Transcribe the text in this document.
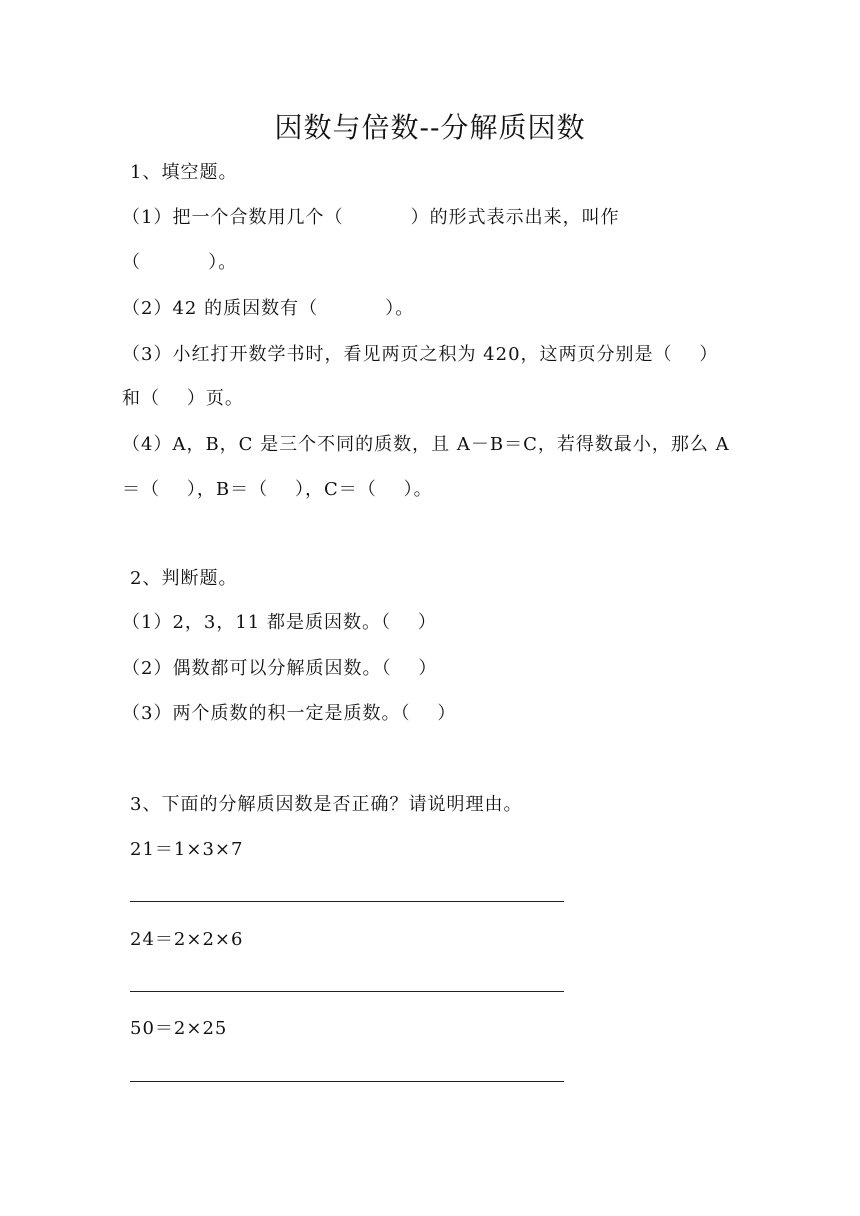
因数与倍数--分解质因数
1、填空题。
（1）把一个合数用几个（          ）的形式表示出来，叫作
（          ）。
（2）42 的质因数有（          ）。
（3）小红打开数学书时，看见两页之积为 420，这两页分别是（    ）
和（    ）页。
（4）A，B，C 是三个不同的质数，且 A－B＝C，若得数最小，那么 A
＝（    ），B＝（    ），C＝（    ）。
2、判断题。
（1）2，3，11 都是质因数。（    ）
（2）偶数都可以分解质因数。（    ）
（3）两个质数的积一定是质数。（    ）
3、下面的分解质因数是否正确？请说明理由。
21＝1×3×7
24＝2×2×6
50＝2×25
